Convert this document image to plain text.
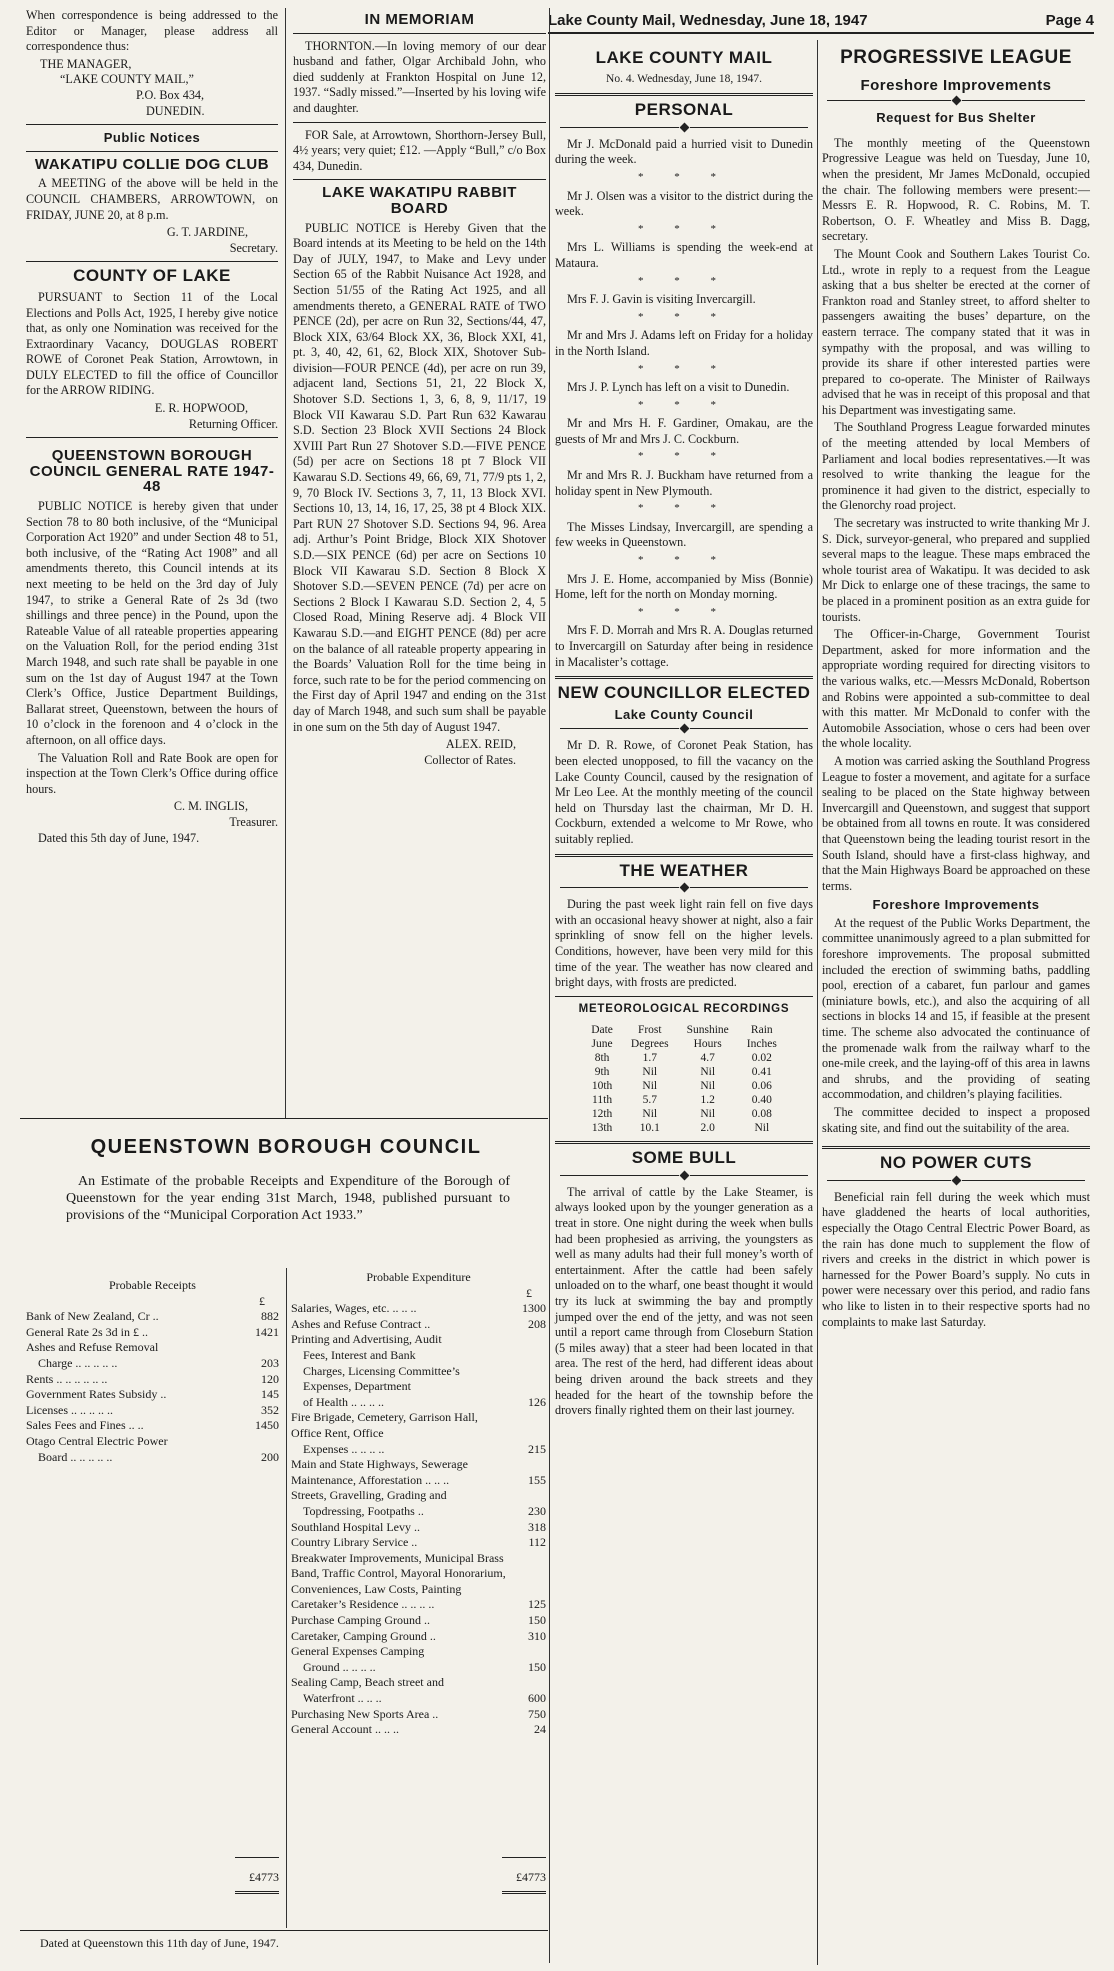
Lake County Mail, Wednesday, June 18, 1947	Page 4

When correspondence is being addressed to the Editor or Manager, please address all correspondence thus:

THE MANAGER,
“LAKE COUNTY MAIL,”
P.O. Box 434,
DUNEDIN.
Public Notices
WAKATIPU COLLIE DOG CLUB

A MEETING of the above will be held in the COUNCIL CHAMBERS, ARROWTOWN, on FRIDAY, JUNE 20, at 8 p.m.

G. T. JARDINE,
Secretary.
COUNTY OF LAKE

PURSUANT to Section 11 of the Local Elections and Polls Act, 1925, I hereby give notice that, as only one Nomination was received for the Extraordinary Vacancy, DOUGLAS ROBERT ROWE of Coronet Peak Station, Arrowtown, in DULY ELECTED to fill the office of Councillor for the ARROW RIDING.

E. R. HOPWOOD,
Returning Officer.
QUEENSTOWN BOROUGH COUNCIL GENERAL RATE 1947-48

PUBLIC NOTICE is hereby given that under Section 78 to 80 both inclusive, of the “Municipal Corporation Act 1920” and under Section 48 to 51, both inclusive, of the “Rating Act 1908” and all amendments thereto, this Council intends at its next meeting to be held on the 3rd day of July 1947, to strike a General Rate of 2s 3d (two shillings and three pence) in the Pound, upon the Rateable Value of all rateable properties appearing on the Valuation Roll, for the period ending 31st March 1948, and such rate shall be payable in one sum on the 1st day of August 1947 at the Town Clerk’s Office, Justice Department Buildings, Ballarat street, Queenstown, between the hours of 10 o’clock in the forenoon and 4 o’clock in the afternoon, on all office days.

The Valuation Roll and Rate Book are open for inspection at the Town Clerk’s Office during office hours.

C. M. INGLIS,
Treasurer.
Dated this 5th day of June, 1947.
IN MEMORIAM

THORNTON.—In loving memory of our dear husband and father, Olgar Archibald John, who died suddenly at Frankton Hospital on June 12, 1937. “Sadly missed.”—Inserted by his loving wife and daughter.

FOR Sale, at Arrowtown, Shorthorn-Jersey Bull, 4½ years; very quiet; £12. —Apply “Bull,” c/o Box 434, Dunedin.

LAKE WAKATIPU RABBIT BOARD

PUBLIC NOTICE is Hereby Given that the Board intends at its Meeting to be held on the 14th Day of JULY, 1947, to Make and Levy under Section 65 of the Rabbit Nuisance Act 1928, and Section 51/55 of the Rating Act 1925, and all amendments thereto, a GENERAL RATE of TWO PENCE (2d), per acre on Run 32, Sections/44, 47, Block XIX, 63/64 Block XX, 36, Block XXI, 41, pt. 3, 40, 42, 61, 62, Block XIX, Shotover Sub-division—FOUR PENCE (4d), per acre on run 39, adjacent land, Sections 51, 21, 22 Block X, Shotover S.D. Sections 1, 3, 6, 8, 9, 11/17, 19 Block VII Kawarau S.D. Part Run 632 Kawarau S.D. Section 23 Block XVII Sections 24 Block XVIII Part Run 27 Shotover S.D.—FIVE PENCE (5d) per acre on Sections 18 pt 7 Block VII Kawarau S.D. Sections 49, 66, 69, 71, 77/9 pts 1, 2, 9, 70 Block IV. Sections 3, 7, 11, 13 Block XVI. Sections 10, 13, 14, 16, 17, 25, 38 pt 4 Block XIX. Part RUN 27 Shotover S.D. Sections 94, 96. Area adj. Arthur’s Point Bridge, Block XIX Shotover S.D.—SIX PENCE (6d) per acre on Sections 10 Block VII Kawarau S.D. Section 8 Block X Shotover S.D.—SEVEN PENCE (7d) per acre on Sections 2 Block I Kawarau S.D. Section 2, 4, 5 Closed Road, Mining Reserve adj. 4 Block VII Kawarau S.D.—and EIGHT PENCE (8d) per acre on the balance of all rateable property appearing in the Boards’ Valuation Roll for the time being in force, such rate to be for the period commencing on the First day of April 1947 and ending on the 31st day of March 1948, and such sum shall be payable in one sum on the 5th day of August 1947.

ALEX. REID,
Collector of Rates.
QUEENSTOWN BOROUGH COUNCIL

An Estimate of the probable Receipts and Expenditure of the Borough of Queenstown for the year ending 31st March, 1948, published pursuant to provisions of the “Municipal Corporation Act 1933.”

Probable Receipts
£
Bank of New Zealand, Cr ..	882
General Rate 2s 3d in £ ..	1421
Ashes and Refuse Removal
Charge .. .. .. .. ..	203
Rents .. .. .. .. .. ..	120
Government Rates Subsidy ..	145
Licenses .. .. .. .. ..	352
Sales Fees and Fines .. ..	1450
Otago Central Electric Power
Board .. .. .. .. ..	200
£4773
Probable Expenditure
£
Salaries, Wages, etc. .. .. ..	1300
Ashes and Refuse Contract ..	208
Printing and Advertising, Audit
Fees, Interest and Bank
Charges, Licensing Committee’s Expenses, Department
of Health .. .. .. ..	126
Fire Brigade, Cemetery, Garrison Hall, Office Rent, Office
Expenses .. .. .. ..	215
Main and State Highways, Sewerage Maintenance, Afforestation .. .. ..	155
Streets, Gravelling, Grading and
Topdressing, Footpaths ..	230
Southland Hospital Levy ..	318
Country Library Service ..	112
Breakwater Improvements, Municipal Brass Band, Traffic Control, Mayoral Honorarium, Conveniences, Law Costs, Painting Caretaker’s Residence .. .. .. ..	125
Purchase Camping Ground ..	150
Caretaker, Camping Ground ..	310
General Expenses Camping
Ground .. .. .. ..	150
Sealing Camp, Beach street and
Waterfront .. .. ..	600
Purchasing New Sports Area ..	750
General Account .. .. ..	24
£4773
Dated at Queenstown this 11th day of June, 1947.
LAKE COUNTY MAIL
No. 4. Wednesday, June 18, 1947.
PERSONAL

Mr J. McDonald paid a hurried visit to Dunedin during the week.

* * *

Mr J. Olsen was a visitor to the district during the week.

* * *

Mrs L. Williams is spending the week-end at Mataura.

* * *

Mrs F. J. Gavin is visiting Invercargill.

* * *

Mr and Mrs J. Adams left on Friday for a holiday in the North Island.

* * *

Mrs J. P. Lynch has left on a visit to Dunedin.

* * *

Mr and Mrs H. F. Gardiner, Omakau, are the guests of Mr and Mrs J. C. Cockburn.

* * *

Mr and Mrs R. J. Buckham have returned from a holiday spent in New Plymouth.

* * *

The Misses Lindsay, Invercargill, are spending a few weeks in Queenstown.

* * *

Mrs J. E. Home, accompanied by Miss (Bonnie) Home, left for the north on Monday morning.

* * *

Mrs F. D. Morrah and Mrs R. A. Douglas returned to Invercargill on Saturday after being in residence in Macalister’s cottage.

NEW COUNCILLOR ELECTED
Lake County Council

Mr D. R. Rowe, of Coronet Peak Station, has been elected unopposed, to fill the vacancy on the Lake County Council, caused by the resignation of Mr Leo Lee. At the monthly meeting of the council held on Thursday last the chairman, Mr D. H. Cockburn, extended a welcome to Mr Rowe, who suitably replied.

THE WEATHER

During the past week light rain fell on five days with an occasional heavy shower at night, also a fair sprinkling of snow fell on the higher levels. Conditions, however, have been very mild for this time of the year. The weather has now cleared and bright days, with frosts are predicted.

METEOROLOGICAL RECORDINGS
Date	Frost	Sunshine	Rain
June	Degrees	Hours	Inches
8th	1.7	4.7	0.02
9th	Nil	Nil	0.41
10th	Nil	Nil	0.06
11th	5.7	1.2	0.40
12th	Nil	Nil	0.08
13th	10.1	2.0	Nil
SOME BULL

The arrival of cattle by the Lake Steamer, is always looked upon by the younger generation as a treat in store. One night during the week when bulls had been prophesied as arriving, the youngsters as well as many adults had their full money’s worth of entertainment. After the cattle had been safely unloaded on to the wharf, one beast thought it would try its luck at swimming the bay and promptly jumped over the end of the jetty, and was not seen until a report came through from Closeburn Station (5 miles away) that a steer had been located in that area. The rest of the herd, had different ideas about being driven around the back streets and they headed for the heart of the township before the drovers finally righted them on their last journey.

PROGRESSIVE LEAGUE
Foreshore Improvements
Request for Bus Shelter

The monthly meeting of the Queenstown Progressive League was held on Tuesday, June 10, when the president, Mr James McDonald, occupied the chair. The following members were present:—Messrs E. R. Hopwood, R. C. Robins, M. T. Robertson, O. F. Wheatley and Miss B. Dagg, secretary.

The Mount Cook and Southern Lakes Tourist Co. Ltd., wrote in reply to a request from the League asking that a bus shelter be erected at the corner of Frankton road and Stanley street, to afford shelter to passengers awaiting the buses’ departure, on the eastern terrace. The company stated that it was in sympathy with the proposal, and was willing to provide its share if other interested parties were prepared to co-operate. The Minister of Railways advised that he was in receipt of this proposal and that his Department was investigating same.

The Southland Progress League forwarded minutes of the meeting attended by local Members of Parliament and local bodies representatives.—It was resolved to write thanking the league for the prominence it had given to the district, especially to the Glenorchy road project.

The secretary was instructed to write thanking Mr J. S. Dick, surveyor-general, who prepared and supplied several maps to the league. These maps embraced the whole tourist area of Wakatipu. It was decided to ask Mr Dick to enlarge one of these tracings, the same to be placed in a prominent position as an extra guide for tourists.

The Officer-in-Charge, Government Tourist Department, asked for more information and the appropriate wording required for directing visitors to the various walks, etc.—Messrs McDonald, Robertson and Robins were appointed a sub-committee to deal with this matter. Mr McDonald to confer with the Automobile Association, whose o cers had been over the whole locality.

A motion was carried asking the Southland Progress League to foster a movement, and agitate for a surface sealing to be placed on the State highway between Invercargill and Queenstown, and suggest that support be obtained from all towns en route. It was considered that Queenstown being the leading tourist resort in the South Island, should have a first-class highway, and that the Main Highways Board be approached on these terms.

Foreshore Improvements

At the request of the Public Works Department, the committee unanimously agreed to a plan submitted for foreshore improvements. The proposal submitted included the erection of swimming baths, paddling pool, erection of a cabaret, fun parlour and games (miniature bowls, etc.), and also the acquiring of all sections in blocks 14 and 15, if feasible at the present time. The scheme also advocated the continuance of the promenade walk from the railway wharf to the one-mile creek, and the laying-off of this area in lawns and shrubs, and the providing of seating accommodation, and children’s playing facilities.

The committee decided to inspect a proposed skating site, and find out the suitability of the area.

NO POWER CUTS

Beneficial rain fell during the week which must have gladdened the hearts of local authorities, especially the Otago Central Electric Power Board, as the rain has done much to supplement the flow of rivers and creeks in the district in which power is harnessed for the Power Board’s supply. No cuts in power were necessary over this period, and radio fans who like to listen in to their respective sports had no complaints to make last Saturday.
